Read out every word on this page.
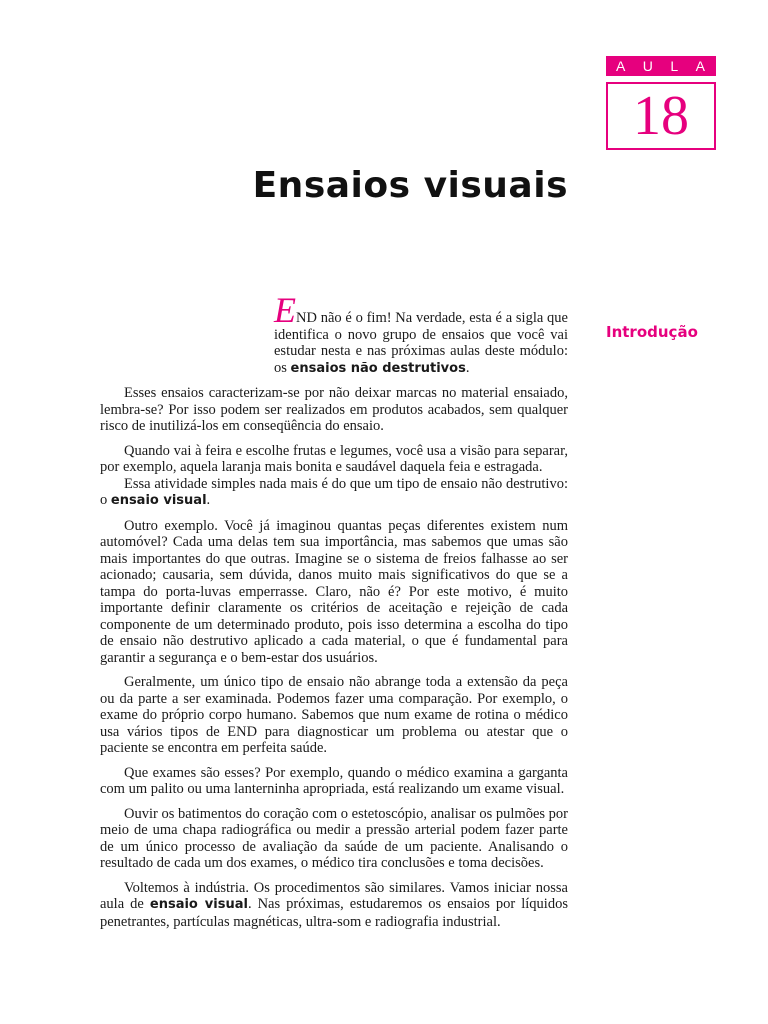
A U L A
18
Ensaios visuais
Introdução

END não é o fim! Na verdade, esta é a sigla que identifica o novo grupo de ensaios que você vai estudar nesta e nas próximas aulas deste módulo: os ensaios não destrutivos.

Esses ensaios caracterizam-se por não deixar marcas no material ensaiado, lembra-se? Por isso podem ser realizados em produtos acabados, sem qualquer risco de inutilizá-los em conseqüência do ensaio.

Quando vai à feira e escolhe frutas e legumes, você usa a visão para separar, por exemplo, aquela laranja mais bonita e saudável daquela feia e estragada.

Essa atividade simples nada mais é do que um tipo de ensaio não destrutivo: o ensaio visual.

Outro exemplo. Você já imaginou quantas peças diferentes existem num automóvel? Cada uma delas tem sua importância, mas sabemos que umas são mais importantes do que outras. Imagine se o sistema de freios falhasse ao ser acionado; causaria, sem dúvida, danos muito mais significativos do que se a tampa do porta-luvas emperrasse. Claro, não é? Por este motivo, é muito importante definir claramente os critérios de aceitação e rejeição de cada componente de um determinado produto, pois isso determina a escolha do tipo de ensaio não destrutivo aplicado a cada material, o que é fundamental para garantir a segurança e o bem-estar dos usuários.

Geralmente, um único tipo de ensaio não abrange toda a extensão da peça ou da parte a ser examinada. Podemos fazer uma comparação. Por exemplo, o exame do próprio corpo humano. Sabemos que num exame de rotina o médico usa vários tipos de END para diagnosticar um problema ou atestar que o paciente se encontra em perfeita saúde.

Que exames são esses? Por exemplo, quando o médico examina a garganta com um palito ou uma lanterninha apropriada, está realizando um exame visual.

Ouvir os batimentos do coração com o estetoscópio, analisar os pulmões por meio de uma chapa radiográfica ou medir a pressão arterial podem fazer parte de um único processo de avaliação da saúde de um paciente. Analisando o resultado de cada um dos exames, o médico tira conclusões e toma decisões.

Voltemos à indústria. Os procedimentos são similares. Vamos iniciar nossa aula de ensaio visual. Nas próximas, estudaremos os ensaios por líquidos penetrantes, partículas magnéticas, ultra-som e radiografia industrial.
